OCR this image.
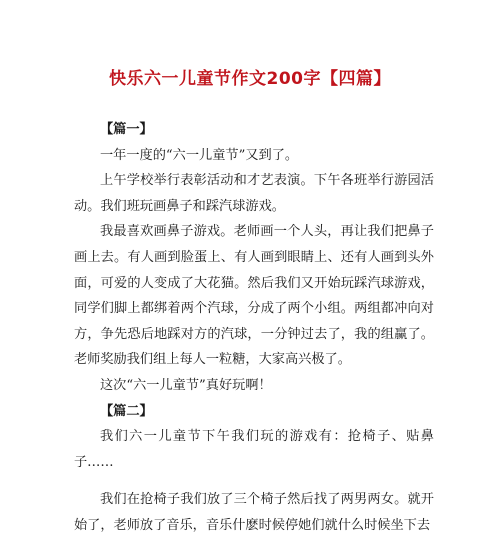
快乐六一儿童节作文200字【四篇】

【篇一】

一年一度的“六一儿童节”又到了。

上午学校举行表彰活动和才艺表演。下午各班举行游园活动。我们班玩画鼻子和踩汽球游戏。

我最喜欢画鼻子游戏。老师画一个人头，再让我们把鼻子画上去。有人画到脸蛋上、有人画到眼睛上、还有人画到头外面，可爱的人变成了大花猫。然后我们又开始玩踩汽球游戏，同学们脚上都绑着两个汽球，分成了两个小组。两组都冲向对方，争先恐后地踩对方的汽球，一分钟过去了，我的组赢了。老师奖励我们组上每人一粒糖，大家高兴极了。

这次“六一儿童节”真好玩啊！

【篇二】

我们六一儿童节下午我们玩的游戏有：抢椅子、贴鼻子……

我们在抢椅子我们放了三个椅子然后找了两男两女。就开始了，老师放了音乐，音乐什麽时候停她们就什么时候坐下去
